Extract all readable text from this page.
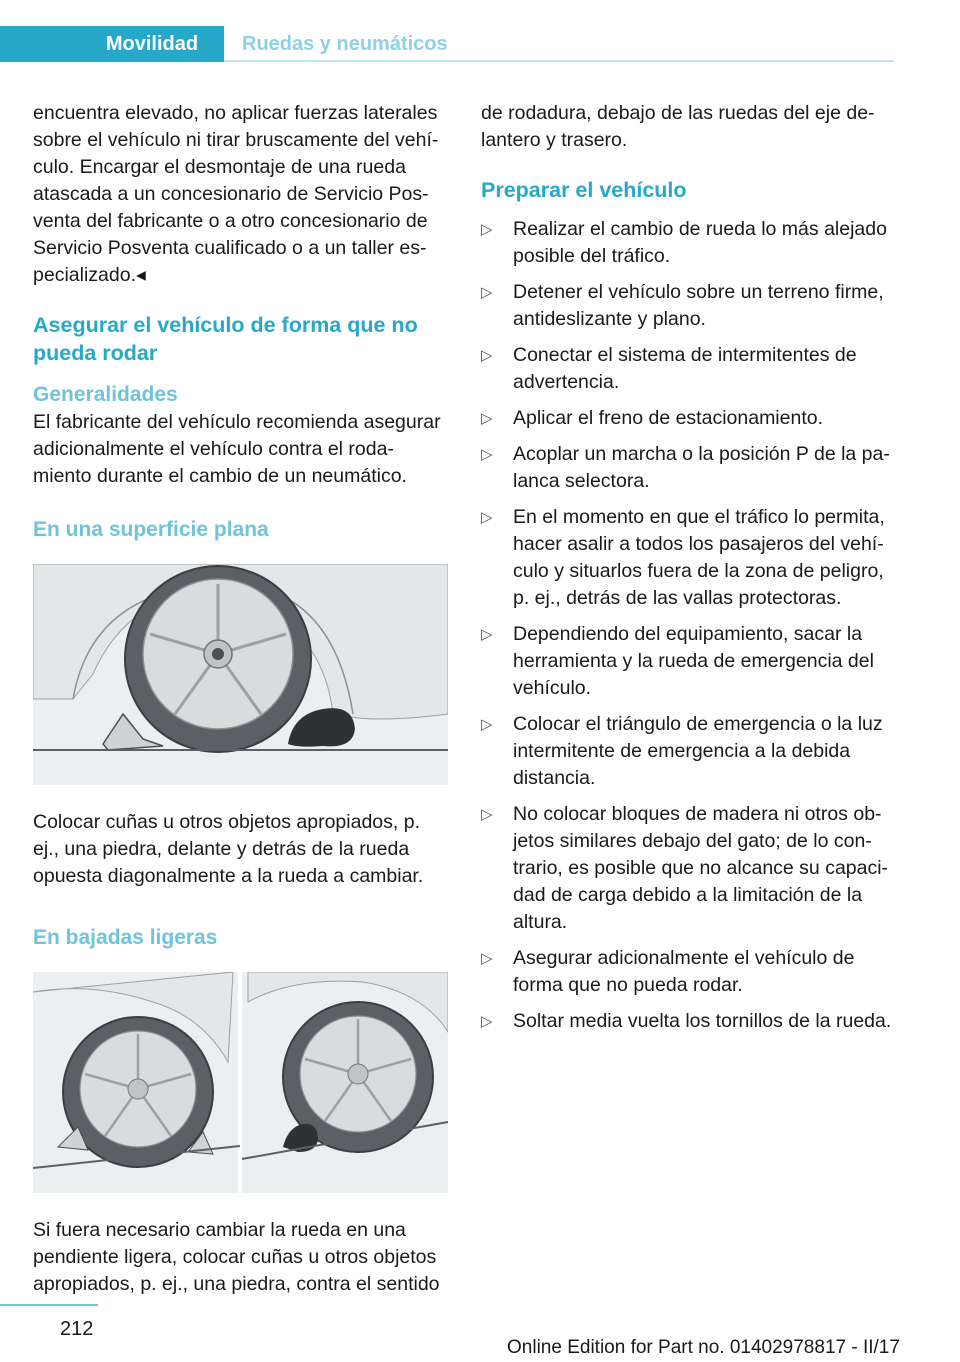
Movilidad Ruedas y neumáticos

encuentra elevado, no aplicar fuerzas laterales sobre el vehículo ni tirar bruscamente del vehí‐ culo. Encargar el desmontaje de una rueda atascada a un concesionario de Servicio Pos‐ venta del fabricante o a otro concesionario de Servicio Posventa cualificado o a un taller es‐ pecializado.◂

Asegurar el vehículo de forma que no pueda rodar
Generalidades

El fabricante del vehículo recomienda asegurar adicionalmente el vehículo contra el roda‐ miento durante el cambio de un neumático.

En una superficie plana

Colocar cuñas u otros objetos apropiados, p. ej., una piedra, delante y detrás de la rueda opuesta diagonalmente a la rueda a cambiar.

En bajadas ligeras

Si fuera necesario cambiar la rueda en una pendiente ligera, colocar cuñas u otros objetos apropiados, p. ej., una piedra, contra el sentido

de rodadura, debajo de las ruedas del eje de‐ lantero y trasero.

Preparar el vehículo
▷ Realizar el cambio de rueda lo más alejado posible del tráfico.
▷ Detener el vehículo sobre un terreno firme, antideslizante y plano.
▷ Conectar el sistema de intermitentes de advertencia.
▷ Aplicar el freno de estacionamiento.
▷ Acoplar un marcha o la posición P de la pa‐ lanca selectora.
▷ En el momento en que el tráfico lo permita, hacer asalir a todos los pasajeros del vehí‐ culo y situarlos fuera de la zona de peligro, p. ej., detrás de las vallas protectoras.
▷ Dependiendo del equipamiento, sacar la herramienta y la rueda de emergencia del vehículo.
▷ Colocar el triángulo de emergencia o la luz intermitente de emergencia a la debida distancia.
▷ No colocar bloques de madera ni otros ob‐ jetos similares debajo del gato; de lo con‐ trario, es posible que no alcance su capaci‐ dad de carga debido a la limitación de la altura.
▷ Asegurar adicionalmente el vehículo de forma que no pueda rodar.
▷ Soltar media vuelta los tornillos de la rueda.
212
Online Edition for Part no. 01402978817 - II/17
